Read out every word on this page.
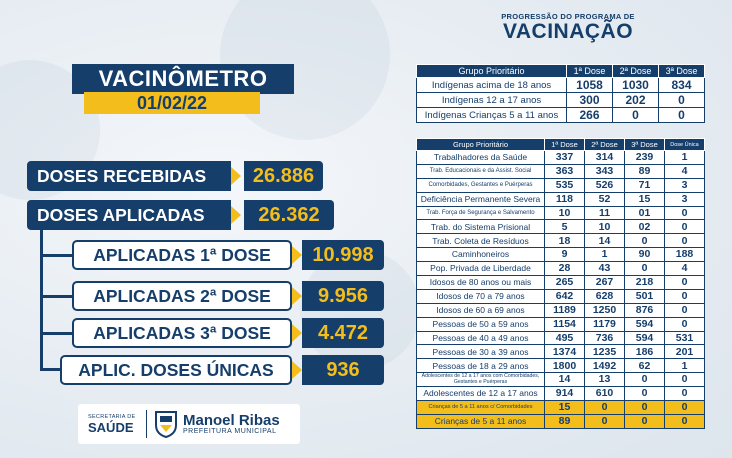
VACINÔMETRO
01/02/22
DOSES RECEBIDAS	26.886
DOSES APLICADAS	26.362
APLICADAS 1ª DOSE	10.998
APLICADAS 2ª DOSE	9.956
APLICADAS 3ª DOSE	4.472
APLIC. DOSES ÚNICAS	936
SECRETARIA DE
SAÚDE	Manoel Ribas
PREFEITURA MUNICIPAL
PROGRESSÃO DO PROGRAMA DE
VACINAÇÃO
Grupo Prioritário	1ª Dose	2ª Dose	3ª Dose
Indígenas acima de 18 anos	1058	1030	834
Indígenas 12 a 17 anos	300	202	0
Indígenas Crianças 5 a 11 anos	266	0	0
Grupo Prioritário	1ª Dose	2ª Dose	3ª Dose	Dose Única
Trabalhadores da Saúde	337	314	239	1
Trab. Educacionais e da Assist. Social	363	343	89	4
Comorbidades, Gestantes e Puérperas	535	526	71	3
Deficiência Permanente Severa	118	52	15	3
Trab. Força de Segurança e Salvamento	10	11	01	0
Trab. do Sistema Prisional	5	10	02	0
Trab. Coleta de Resíduos	18	14	0	0
Caminhoneiros	9	1	90	188
Pop. Privada de Liberdade	28	43	0	4
Idosos de 80 anos ou mais	265	267	218	0
Idosos de 70 a 79 anos	642	628	501	0
Idosos de 60 a 69 anos	1189	1250	876	0
Pessoas de 50 a 59 anos	1154	1179	594	0
Pessoas de 40 a 49 anos	495	736	594	531
Pessoas de 30 a 39 anos	1374	1235	186	201
Pessoas de 18 a 29 anos	1800	1492	62	1
Adolescentes de 12 a 17 anos com Comorbidades, Gestantes e Puérperas	14	13	0	0
Adolescentes de 12 a 17 anos	914	610	0	0
Crianças de 5 a 11 anos c/ Comorbidades	15	0	0	0
Crianças de 5 a 11 anos	89	0	0	0
